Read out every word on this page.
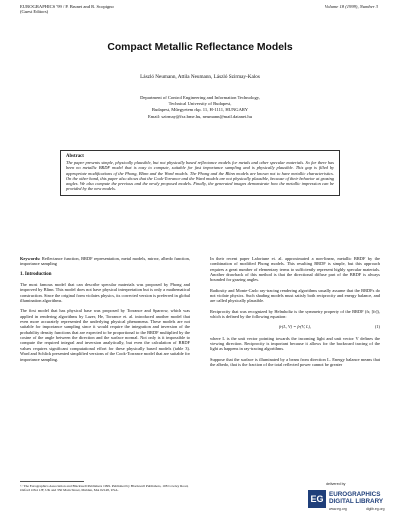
EUROGRAPHICS '99 / P. Brunet and R. Scopigno
(Guest Editors)
Volume 18 (1999), Number 3
Compact Metallic Reflectance Models
László Neumann, Attila Neumann, László Szirmay-Kalos
Department of Control Engineering and Information Technology,
Technical University of Budapest,
Budapest, Műegyetem rkp. 11, H-1111, HUNGARY
Email: szirmay@fsz.bme.hu, neumann@mail.datanet.hu
Abstract
The paper presents simple, physically plausible, but not physically based reflectance models for metals and other specular materials. So far there has been no metallic BRDF model that is easy to compute, suitable for fast importance sampling and is physically plausible. This gap is filled by appropriate modifications of the Phong, Blinn and the Ward models. The Phong and the Blinn models are known not to have metallic characteristics. On the other hand, this paper also shows that the Cook-Torrance and the Ward models are not physically plausible, because of their behavior at grazing angles. We also compute the previous and the newly proposed models. Finally, the generated images demonstrate how the metallic impression can be provided by the new models.
Keywords: Reflectance function, BRDF representation, metal models, mirror, albedo function, importance sampling
1. Introduction
The most famous model that can describe specular materials was proposed by Phong and improved by Blinn. This model does not have physical interpretation but is only a mathematical construction. Since the original form violates physics, its corrected version is preferred in global illumination algorithms.
The first model that has physical base was proposed by Torrance and Sparrow, which was applied in rendering algorithms by Lazer, He, Torrance et. al. introduced another model that even more accurately represented the underlying physical phenomena. These models are not suitable for importance sampling since it would require the integration and inversion of the probability density functions that are expected to be proportional to the BRDF multiplied by the cosine of the angle between the direction and the surface normal. Not only is it impossible to compute the required integral and inversion analytically, but even the calculation of BRDF values requires significant computational effort for these physically based models (table 3). Ward and Schlick presented simplified versions of the Cook-Torrance model that are suitable for importance sampling.
In their recent paper Lafortune et. al. approximated a non-linear, metallic BRDF by the combination of modified Phong models. This resulting BRDF is simple, but this approach requires a great number of elementary terms to sufficiently represent highly specular materials. Another drawback of this method is that the directional diffuse part of the BRDF is always bounded for grazing angles.
Radiosity and Monte-Carlo ray-tracing rendering algorithms usually assume that the BRDFs do not violate physics. Such shading models must satisfy both reciprocity and energy balance, and are called physically plausible.
Reciprocity that was recognized by Helmholtz is the symmetry property of the BRDF (fr, [fr]), which is defined by the following equation:
fr(L, V) = fr(V, L),	(1)
where L is the unit vector pointing towards the incoming light and unit vector V defines the viewing direction. Reciprocity is important because it allows for the backward tracing of the light as happens in ray-tracing algorithms.
Suppose that the surface is illuminated by a beam from direction L. Energy balance means that the albedo, that is the fraction of the total reflected power cannot be greater
© The Eurographics Association and Blackwell Publishers 1999. Published by Blackwell Publishers, 108 Cowley Road, Oxford OX4 1JF, UK and 350 Main Street, Malden, MA 02148, USA.
delivered by
EG EUROGRAPHICS
DIGITAL LIBRARY
www.eg.org	diglib.eg.org
